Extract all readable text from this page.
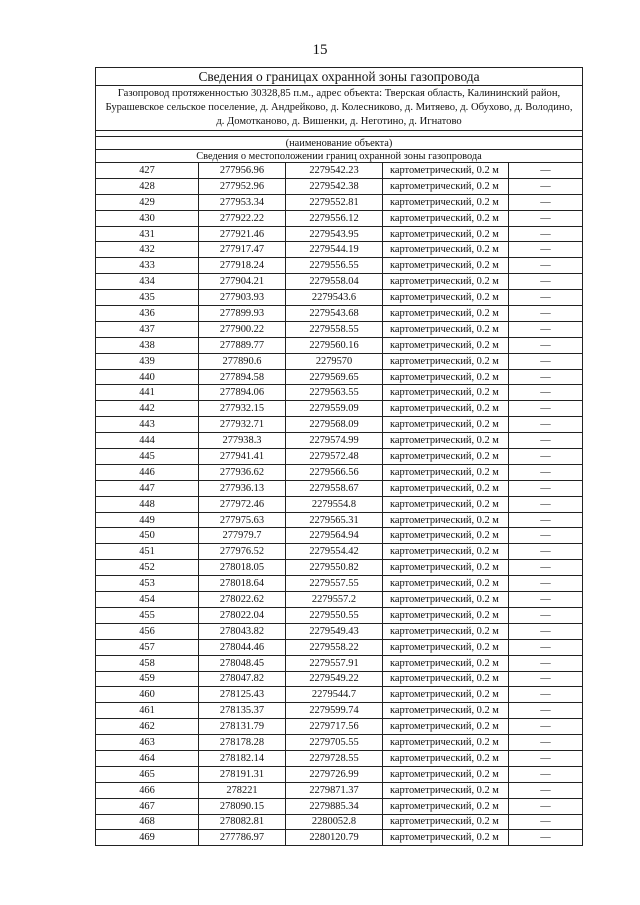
15
Сведения о границах охранной зоны газопровода				
Газопровод протяженностью 30328,85 п.м., адрес объекта: Тверская область, Калининский район, Бурашевское сельское поселение, д. Андрейково, д. Колесниково, д. Митяево, д. Обухово, д. Володино, д. Домотканово, д. Вишенки, д. Неготино, д. Игнатово				

(наименование объекта)				
Сведения о местоположении границ охранной зоны газопровода				
427	277956.96	2279542.23	картометрический, 0.2 м	—
428	277952.96	2279542.38	картометрический, 0.2 м	—
429	277953.34	2279552.81	картометрический, 0.2 м	—
430	277922.22	2279556.12	картометрический, 0.2 м	—
431	277921.46	2279543.95	картометрический, 0.2 м	—
432	277917.47	2279544.19	картометрический, 0.2 м	—
433	277918.24	2279556.55	картометрический, 0.2 м	—
434	277904.21	2279558.04	картометрический, 0.2 м	—
435	277903.93	2279543.6	картометрический, 0.2 м	—
436	277899.93	2279543.68	картометрический, 0.2 м	—
437	277900.22	2279558.55	картометрический, 0.2 м	—
438	277889.77	2279560.16	картометрический, 0.2 м	—
439	277890.6	2279570	картометрический, 0.2 м	—
440	277894.58	2279569.65	картометрический, 0.2 м	—
441	277894.06	2279563.55	картометрический, 0.2 м	—
442	277932.15	2279559.09	картометрический, 0.2 м	—
443	277932.71	2279568.09	картометрический, 0.2 м	—
444	277938.3	2279574.99	картометрический, 0.2 м	—
445	277941.41	2279572.48	картометрический, 0.2 м	—
446	277936.62	2279566.56	картометрический, 0.2 м	—
447	277936.13	2279558.67	картометрический, 0.2 м	—
448	277972.46	2279554.8	картометрический, 0.2 м	—
449	277975.63	2279565.31	картометрический, 0.2 м	—
450	277979.7	2279564.94	картометрический, 0.2 м	—
451	277976.52	2279554.42	картометрический, 0.2 м	—
452	278018.05	2279550.82	картометрический, 0.2 м	—
453	278018.64	2279557.55	картометрический, 0.2 м	—
454	278022.62	2279557.2	картометрический, 0.2 м	—
455	278022.04	2279550.55	картометрический, 0.2 м	—
456	278043.82	2279549.43	картометрический, 0.2 м	—
457	278044.46	2279558.22	картометрический, 0.2 м	—
458	278048.45	2279557.91	картометрический, 0.2 м	—
459	278047.82	2279549.22	картометрический, 0.2 м	—
460	278125.43	2279544.7	картометрический, 0.2 м	—
461	278135.37	2279599.74	картометрический, 0.2 м	—
462	278131.79	2279717.56	картометрический, 0.2 м	—
463	278178.28	2279705.55	картометрический, 0.2 м	—
464	278182.14	2279728.55	картометрический, 0.2 м	—
465	278191.31	2279726.99	картометрический, 0.2 м	—
466	278221	2279871.37	картометрический, 0.2 м	—
467	278090.15	2279885.34	картометрический, 0.2 м	—
468	278082.81	2280052.8	картометрический, 0.2 м	—
469	277786.97	2280120.79	картометрический, 0.2 м	—
